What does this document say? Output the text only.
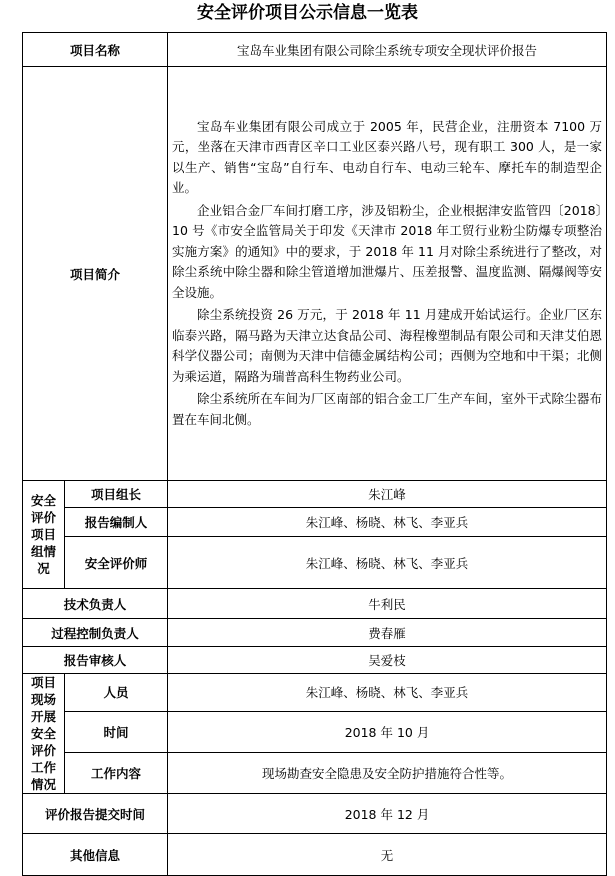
安全评价项目公示信息一览表
项目名称		宝岛车业集团有限公司除尘系统专项安全现状评价报告
项目简介		宝岛车业集团有限公司成立于 2005 年，民营企业，注册资本 7100 万元，坐落在天津市西青区辛口工业区泰兴路八号，现有职工 300 人，是一家以生产、销售“宝岛”自行车、电动自行车、电动三轮车、摩托车的制造型企业。

企业铝合金厂车间打磨工序，涉及铝粉尘，企业根据津安监管四〔2018〕10 号《市安全监管局关于印发《天津市 2018 年工贸行业粉尘防爆专项整治实施方案》的通知》中的要求，于 2018 年 11 月对除尘系统进行了整改，对除尘系统中除尘器和除尘管道增加泄爆片、压差报警、温度监测、隔爆阀等安全设施。

除尘系统投资 26 万元，于 2018 年 11 月建成开始试运行。企业厂区东临泰兴路，隔马路为天津立达食品公司、海程橡塑制品有限公司和天津艾伯恩科学仪器公司；南侧为天津中信德金属结构公司；西侧为空地和中干渠；北侧为乘运道，隔路为瑞普高科生物药业公司。

除尘系统所在车间为厂区南部的铝合金工厂生产车间，室外干式除尘器布置在车间北侧。

安全评价项目组情况	项目组长	朱江峰
	报告编制人	朱江峰、杨晓、林飞、李亚兵
	安全评价师	朱江峰、杨晓、林飞、李亚兵
技术负责人		牛利民
过程控制负责人		费春雁
报告审核人		吴爱枝
项目现场开展安全评价工作情况	人员	朱江峰、杨晓、林飞、李亚兵
	时间	2018 年 10 月
	工作内容	现场勘查安全隐患及安全防护措施符合性等。
评价报告提交时间		2018 年 12 月
其他信息		无
